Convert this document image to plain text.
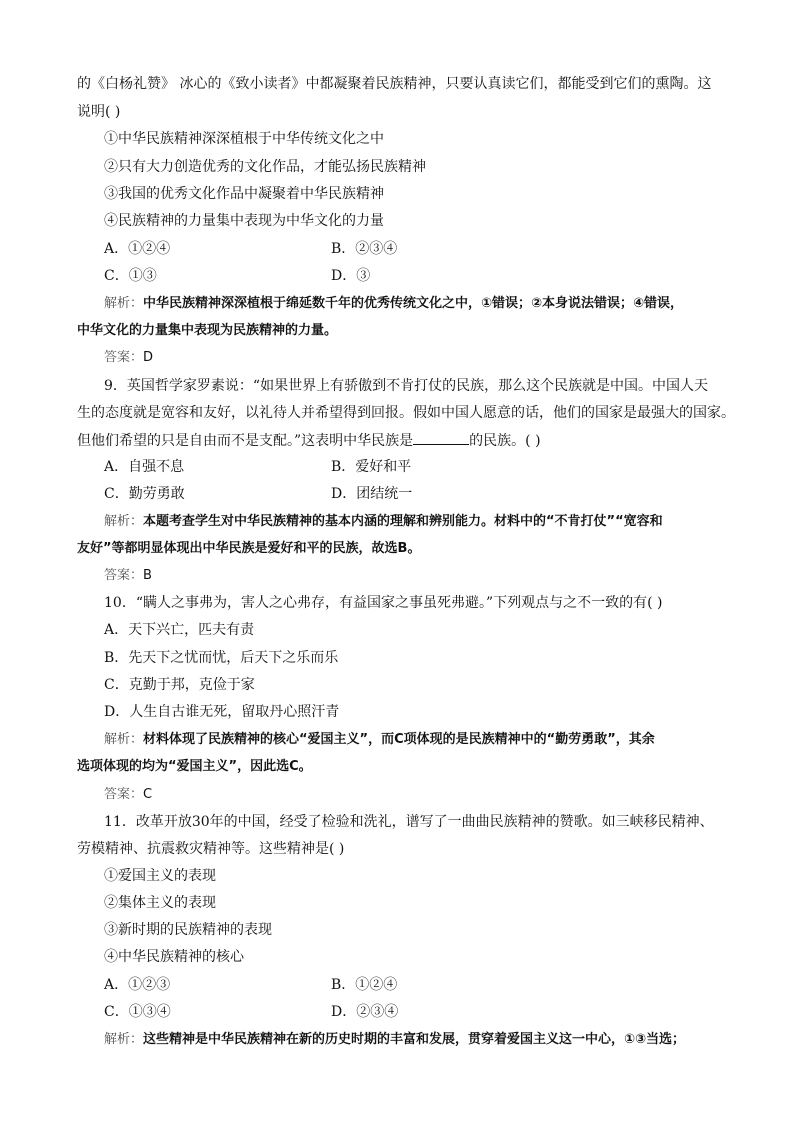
的《白杨礼赞》 冰心的《致小读者》中都凝聚着民族精神，只要认真读它们，都能受到它们的熏陶。这
说明( )
①中华民族精神深深植根于中华传统文化之中
②只有大力创造优秀的文化作品，才能弘扬民族精神
③我国的优秀文化作品中凝聚着中华民族精神
④民族精神的力量集中表现为中华文化的力量
A．①②④	B．②③④
C．①③	D．③
解析：中华民族精神深深植根于绵延数千年的优秀传统文化之中，①错误；②本身说法错误；④错误，
中华文化的力量集中表现为民族精神的力量。
答案：D
9．英国哲学家罗素说：“如果世界上有骄傲到不肯打仗的民族，那么这个民族就是中国。中国人天
生的态度就是宽容和友好，以礼待人并希望得到回报。假如中国人愿意的话，他们的国家是最强大的国家。
但他们希望的只是自由而不是支配。”这表明中华民族是	的民族。( )
A．自强不息	B．爱好和平
C．勤劳勇敢	D．团结统一
解析：本题考查学生对中华民族精神的基本内涵的理解和辨别能力。材料中的“不肯打仗”“宽容和
友好”等都明显体现出中华民族是爱好和平的民族，故选B。
答案：B
10．“瞒人之事弗为，害人之心弗存，有益国家之事虽死弗避。”下列观点与之不一致的有( )
A．天下兴亡，匹夫有责
B．先天下之忧而忧，后天下之乐而乐
C．克勤于邦，克俭于家
D．人生自古谁无死，留取丹心照汗青
解析：材料体现了民族精神的核心“爱国主义”，而C项体现的是民族精神中的“勤劳勇敢”，其余
选项体现的均为“爱国主义”，因此选C。
答案：C
11．改革开放30年的中国，经受了检验和洗礼，谱写了一曲曲民族精神的赞歌。如三峡移民精神、
劳模精神、抗震救灾精神等。这些精神是( )
①爱国主义的表现
②集体主义的表现
③新时期的民族精神的表现
④中华民族精神的核心
A．①②③	B．①②④
C．①③④	D．②③④
解析：这些精神是中华民族精神在新的历史时期的丰富和发展，贯穿着爱国主义这一中心，①③当选；
